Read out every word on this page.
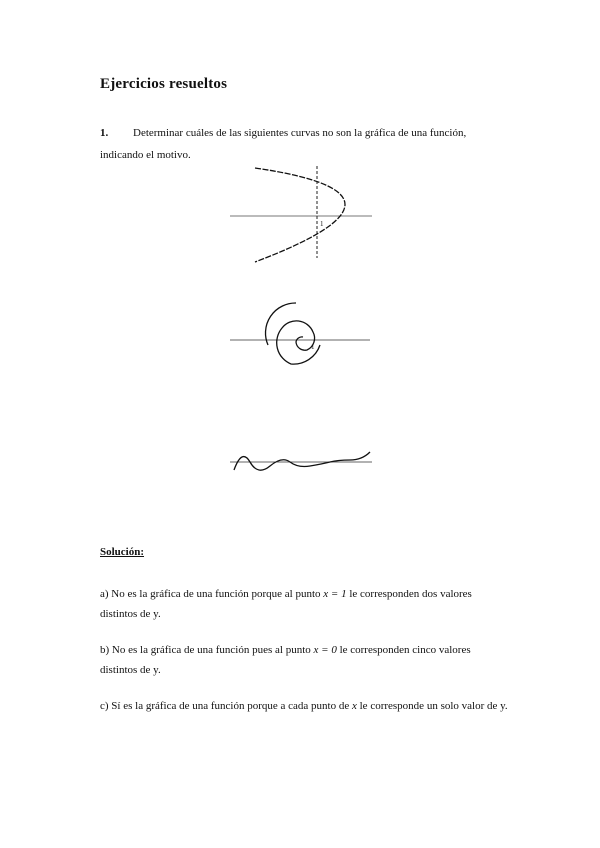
Ejercicios resueltos
1. Determinar cuáles de las siguientes curvas no son la gráfica de una función, indicando el motivo.
1
1
Solución:
a) No es la gráfica de una función porque al punto x = 1 le corresponden dos valores distintos de y.
b) No es la gráfica de una función pues al punto x = 0 le corresponden cinco valores distintos de y.
c) Sí es la gráfica de una función porque a cada punto de x le corresponde un solo valor de y.
